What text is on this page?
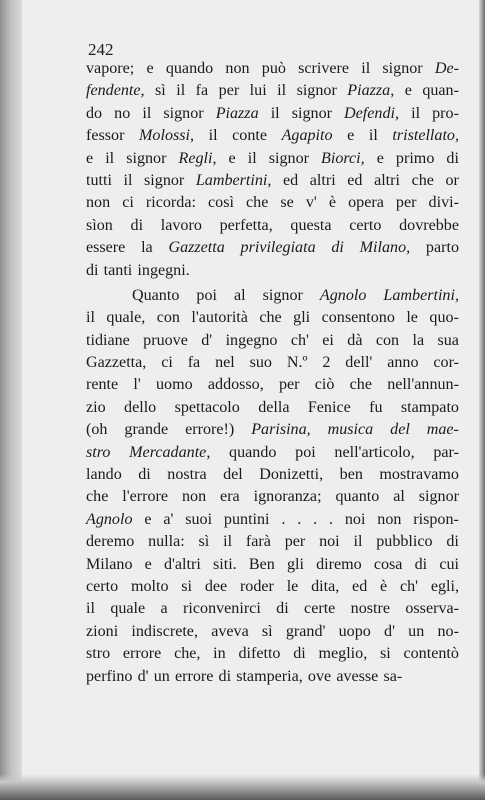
242
vapore; e quando non può scrivere il signor De-
fendente, sì il fa per lui il signor Piazza, e quan-
do no il signor Piazza il signor Defendi, il pro-
fessor Molossi, il conte Agapito e il tristellato,
e il signor Regli, e il signor Biorci, e primo di
tutti il signor Lambertini, ed altri ed altri che or
non ci ricorda: così che se v' è opera per divi-
sìon di lavoro perfetta, questa certo dovrebbe
essere la Gazzetta privilegiata di Milano, parto
di tanti ingegni.
Quanto poi al signor Agnolo Lambertini,
il quale, con l'autorità che gli consentono le quo-
tidiane pruove d' ingegno ch' ei dà con la sua
Gazzetta, ci fa nel suo N.º 2 dell' anno cor-
rente l' uomo addosso, per ciò che nell'annun-
zio dello spettacolo della Fenice fu stampato
(oh grande errore!) Parisina, musica del mae-
stro Mercadante, quando poi nell'articolo, par-
lando di nostra del Donizetti, ben mostravamo
che l'errore non era ignoranza; quanto al signor
Agnolo e a' suoi puntini . . . . noi non rispon-
deremo nulla: sì il farà per noi il pubblico di
Milano e d'altri siti. Ben gli diremo cosa di cui
certo molto si dee roder le dita, ed è ch' egli,
il quale a riconvenirci di certe nostre osserva-
zioni indiscrete, aveva sì grand' uopo d' un no-
stro errore che, in difetto di meglio, si contentò
perfino d' un errore di stamperia, ove avesse sa-
